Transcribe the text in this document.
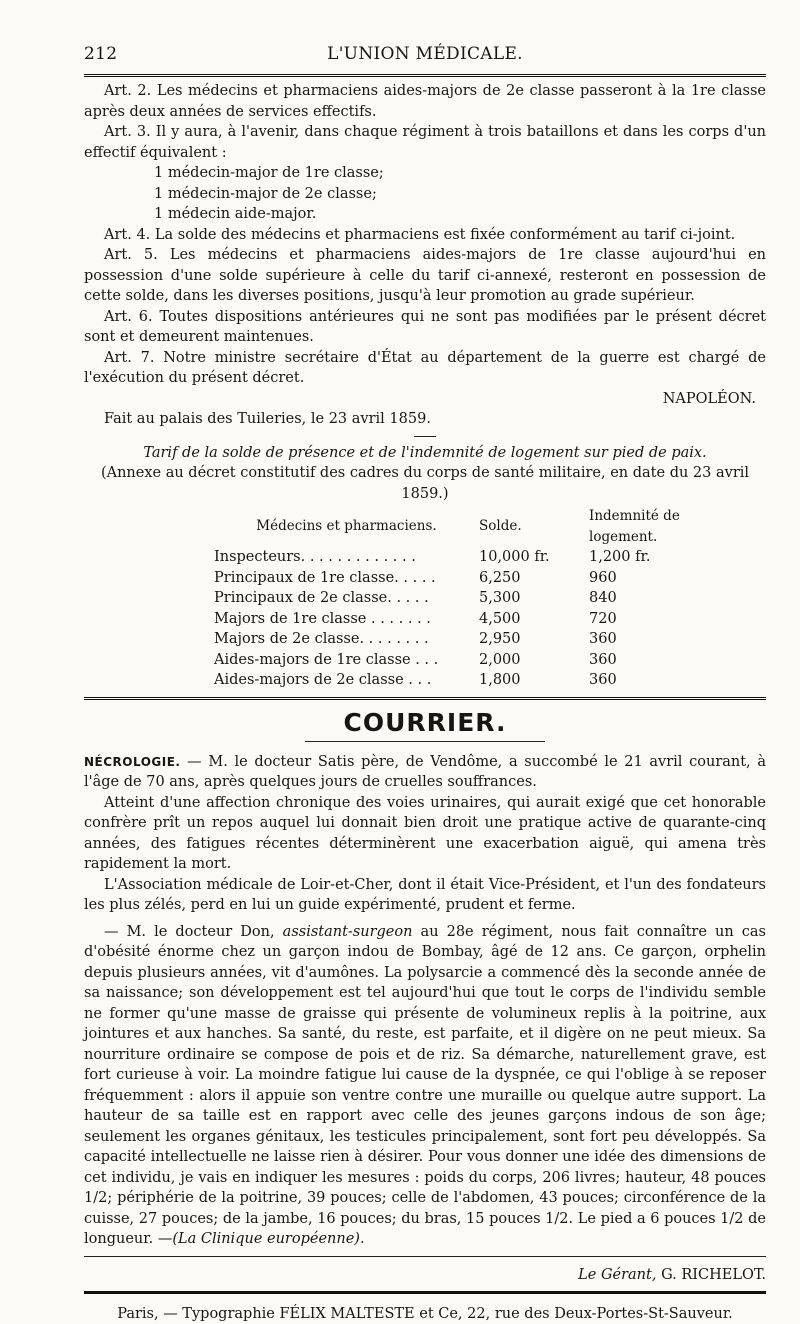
212	L'UNION MÉDICALE.

Art. 2. Les médecins et pharmaciens aides-majors de 2e classe passeront à la 1re classe après deux années de services effectifs.

Art. 3. Il y aura, à l'avenir, dans chaque régiment à trois bataillons et dans les corps d'un effectif équivalent :

1 médecin-major de 1re classe;
1 médecin-major de 2e classe;
1 médecin aide-major.

Art. 4. La solde des médecins et pharmaciens est fixée conformément au tarif ci-joint.

Art. 5. Les médecins et pharmaciens aides-majors de 1re classe aujourd'hui en possession d'une solde supérieure à celle du tarif ci-annexé, resteront en possession de cette solde, dans les diverses positions, jusqu'à leur promotion au grade supérieur.

Art. 6. Toutes dispositions antérieures qui ne sont pas modifiées par le présent décret sont et demeurent maintenues.

Art. 7. Notre ministre secrétaire d'État au département de la guerre est chargé de l'exécution du présent décret.

NAPOLÉON.

Fait au palais des Tuileries, le 23 avril 1859.

Tarif de la solde de présence et de l'indemnité de logement sur pied de paix.
(Annexe au décret constitutif des cadres du corps de santé militaire, en date du 23 avril 1859.)
Médecins et pharmaciens.	Solde.	Indemnité de logement.
Inspecteurs. . . . . . . . . . . . .	10,000 fr.	1,200 fr.
Principaux de 1re classe. . . . .	6,250	960
Principaux de 2e classe. . . . .	5,300	840
Majors de 1re classe . . . . . . .	4,500	720
Majors de 2e classe. . . . . . . .	2,950	360
Aides-majors de 1re classe . . .	2,000	360
Aides-majors de 2e classe . . .	1,800	360
COURRIER.

NÉCROLOGIE. — M. le docteur Satis père, de Vendôme, a succombé le 21 avril courant, à l'âge de 70 ans, après quelques jours de cruelles souffrances.

Atteint d'une affection chronique des voies urinaires, qui aurait exigé que cet honorable confrère prît un repos auquel lui donnait bien droit une pratique active de quarante-cinq années, des fatigues récentes déterminèrent une exacerbation aiguë, qui amena très rapidement la mort.

L'Association médicale de Loir-et-Cher, dont il était Vice-Président, et l'un des fondateurs les plus zélés, perd en lui un guide expérimenté, prudent et ferme.

— M. le docteur Don, assistant-surgeon au 28e régiment, nous fait connaître un cas d'obésité énorme chez un garçon indou de Bombay, âgé de 12 ans. Ce garçon, orphelin depuis plusieurs années, vit d'aumônes. La polysarcie a commencé dès la seconde année de sa naissance; son développement est tel aujourd'hui que tout le corps de l'individu semble ne former qu'une masse de graisse qui présente de volumineux replis à la poitrine, aux jointures et aux hanches. Sa santé, du reste, est parfaite, et il digère on ne peut mieux. Sa nourriture ordinaire se compose de pois et de riz. Sa démarche, naturellement grave, est fort curieuse à voir. La moindre fatigue lui cause de la dyspnée, ce qui l'oblige à se reposer fréquemment : alors il appuie son ventre contre une muraille ou quelque autre support. La hauteur de sa taille est en rapport avec celle des jeunes garçons indous de son âge; seulement les organes génitaux, les testicules principalement, sont fort peu développés. Sa capacité intellectuelle ne laisse rien à désirer. Pour vous donner une idée des dimensions de cet individu, je vais en indiquer les mesures : poids du corps, 206 livres; hauteur, 48 pouces 1/2; périphérie de la poitrine, 39 pouces; celle de l'abdomen, 43 pouces; circonférence de la cuisse, 27 pouces; de la jambe, 16 pouces; du bras, 15 pouces 1/2. Le pied a 6 pouces 1/2 de longueur. —(La Clinique européenne).

Le Gérant, G. RICHELOT.
Paris, — Typographie FÉLIX MALTESTE et Ce, 22, rue des Deux-Portes-St-Sauveur.
